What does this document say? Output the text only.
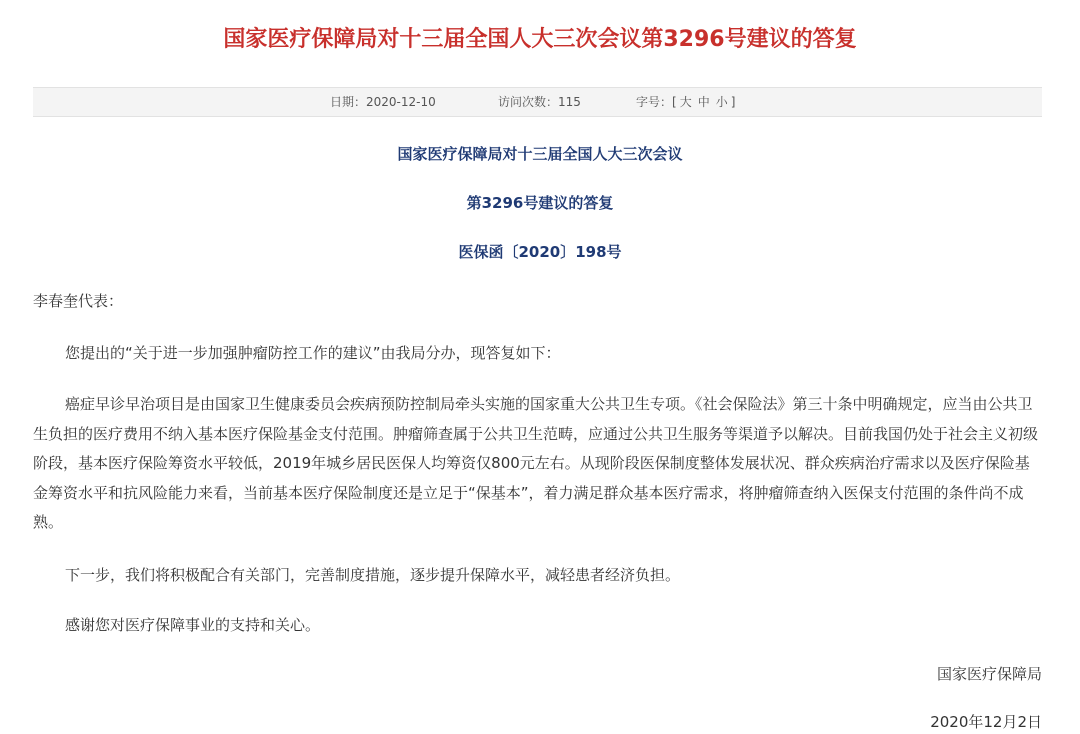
国家医疗保障局对十三届全国人大三次会议第3296号建议的答复
日期：2020-12-10	访问次数：115	字号：[ 大 中 小 ]

国家医疗保障局对十三届全国人大三次会议

第3296号建议的答复

医保函〔2020〕198号

李春奎代表：

您提出的“关于进一步加强肿瘤防控工作的建议”由我局分办，现答复如下：

癌症早诊早治项目是由国家卫生健康委员会疾病预防控制局牵头实施的国家重大公共卫生专项。《社会保险法》第三十条中明确规定，应当由公共卫生负担的医疗费用不纳入基本医疗保险基金支付范围。肿瘤筛查属于公共卫生范畴，应通过公共卫生服务等渠道予以解决。目前我国仍处于社会主义初级阶段，基本医疗保险筹资水平较低，2019年城乡居民医保人均筹资仅800元左右。从现阶段医保制度整体发展状况、群众疾病治疗需求以及医疗保险基金筹资水平和抗风险能力来看，当前基本医疗保险制度还是立足于“保基本”，着力满足群众基本医疗需求，将肿瘤筛查纳入医保支付范围的条件尚不成熟。

下一步，我们将积极配合有关部门，完善制度措施，逐步提升保障水平，减轻患者经济负担。

感谢您对医疗保障事业的支持和关心。

国家医疗保障局

2020年12月2日
